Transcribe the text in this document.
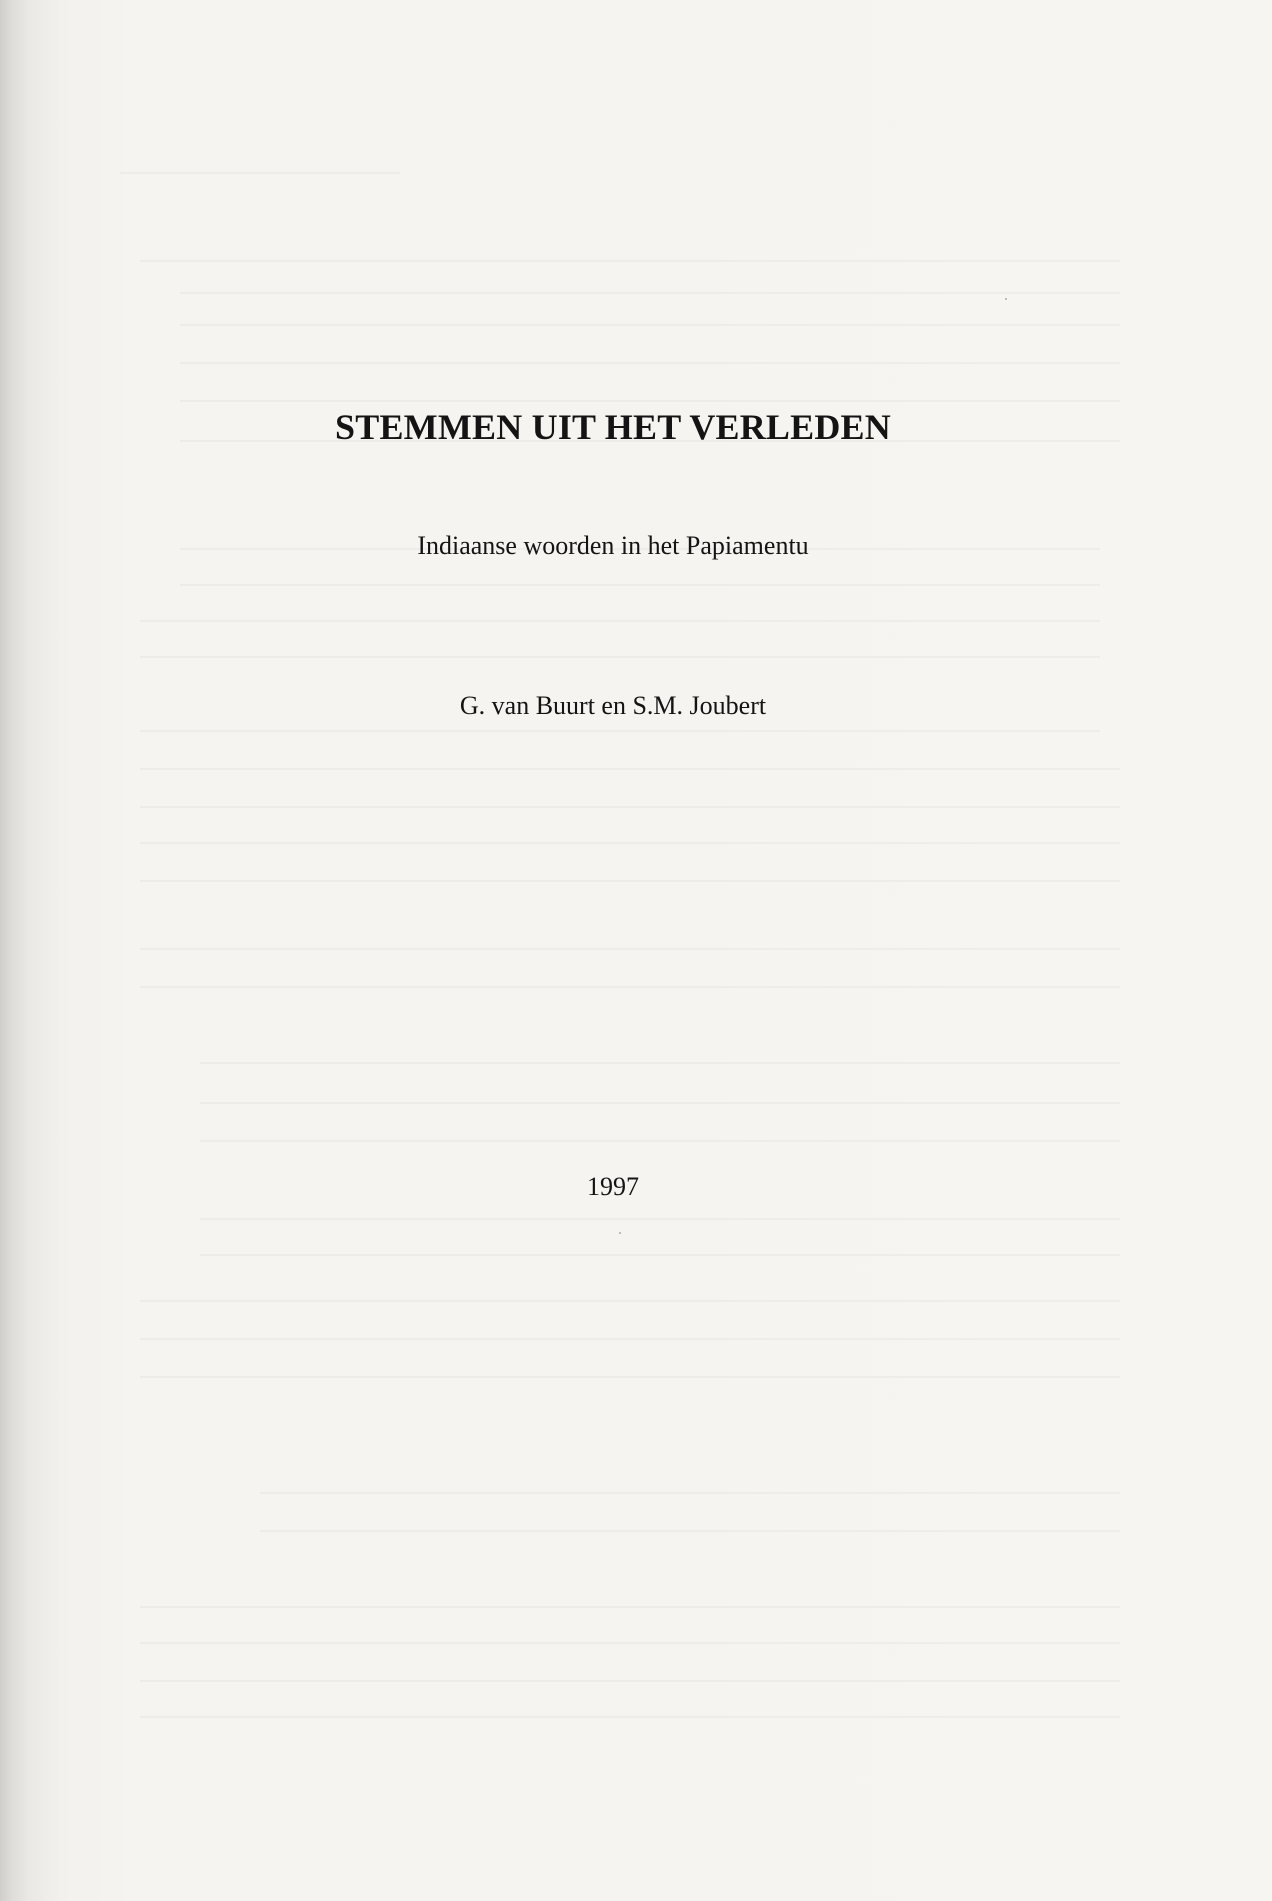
STEMMEN UIT HET VERLEDEN

Indiaanse woorden in het Papiamentu

G. van Buurt en S.M. Joubert

1997
